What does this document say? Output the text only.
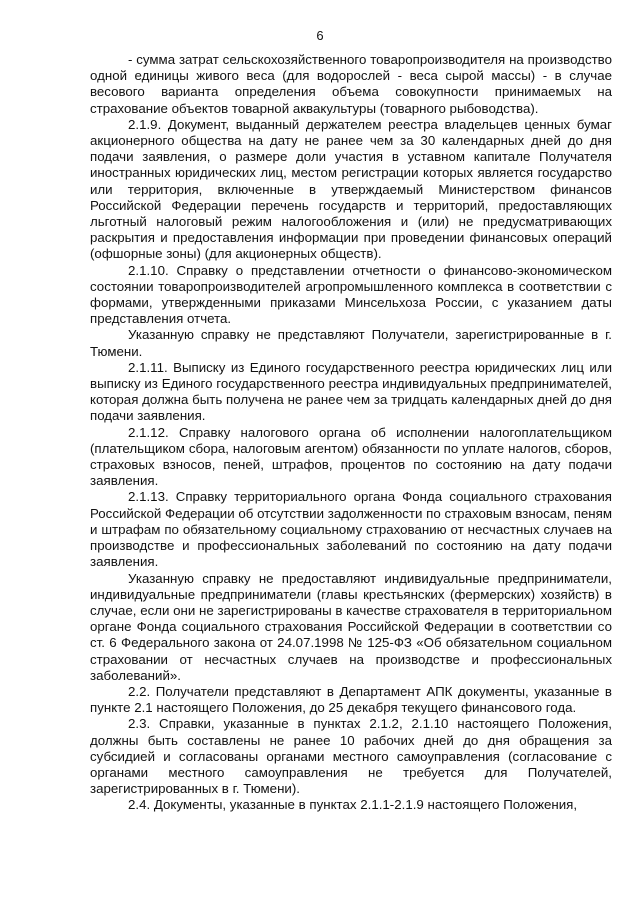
6

- сумма затрат сельскохозяйственного товаропроизводителя на производство одной единицы живого веса (для водорослей - веса сырой массы) - в случае весового варианта определения объема совокупности принимаемых на страхование объектов товарной аквакультуры (товарного рыбоводства).

2.1.9. Документ, выданный держателем реестра владельцев ценных бумаг акционерного общества на дату не ранее чем за 30 календарных дней до дня подачи заявления, о размере доли участия в уставном капитале Получателя иностранных юридических лиц, местом регистрации которых является государство или территория, включенные в утверждаемый Министерством финансов Российской Федерации перечень государств и территорий, предоставляющих льготный налоговый режим налогообложения и (или) не предусматривающих раскрытия и предоставления информации при проведении финансовых операций (офшорные зоны) (для акционерных обществ).

2.1.10. Справку о представлении отчетности о финансово-экономическом состоянии товаропроизводителей агропромышленного комплекса в соответствии с формами, утвержденными приказами Минсельхоза России, с указанием даты представления отчета.

Указанную справку не представляют Получатели, зарегистрированные в г. Тюмени.

2.1.11. Выписку из Единого государственного реестра юридических лиц или выписку из Единого государственного реестра индивидуальных предпринимателей, которая должна быть получена не ранее чем за тридцать календарных дней до дня подачи заявления.

2.1.12. Справку налогового органа об исполнении налогоплательщиком (плательщиком сбора, налоговым агентом) обязанности по уплате налогов, сборов, страховых взносов, пеней, штрафов, процентов по состоянию на дату подачи заявления.

2.1.13. Справку территориального органа Фонда социального страхования Российской Федерации об отсутствии задолженности по страховым взносам, пеням и штрафам по обязательному социальному страхованию от несчастных случаев на производстве и профессиональных заболеваний по состоянию на дату подачи заявления.

Указанную справку не предоставляют индивидуальные предприниматели, индивидуальные предприниматели (главы крестьянских (фермерских) хозяйств) в случае, если они не зарегистрированы в качестве страхователя в территориальном органе Фонда социального страхования Российской Федерации в соответствии со ст. 6 Федерального закона от 24.07.1998 № 125-ФЗ «Об обязательном социальном страховании от несчастных случаев на производстве и профессиональных заболеваний».

2.2. Получатели представляют в Департамент АПК документы, указанные в пункте 2.1 настоящего Положения, до 25 декабря текущего финансового года.

2.3. Справки, указанные в пунктах 2.1.2, 2.1.10 настоящего Положения, должны быть составлены не ранее 10 рабочих дней до дня обращения за субсидией и согласованы органами местного самоуправления (согласование с органами местного самоуправления не требуется для Получателей, зарегистрированных в г. Тюмени).

2.4. Документы, указанные в пунктах 2.1.1-2.1.9 настоящего Положения,
